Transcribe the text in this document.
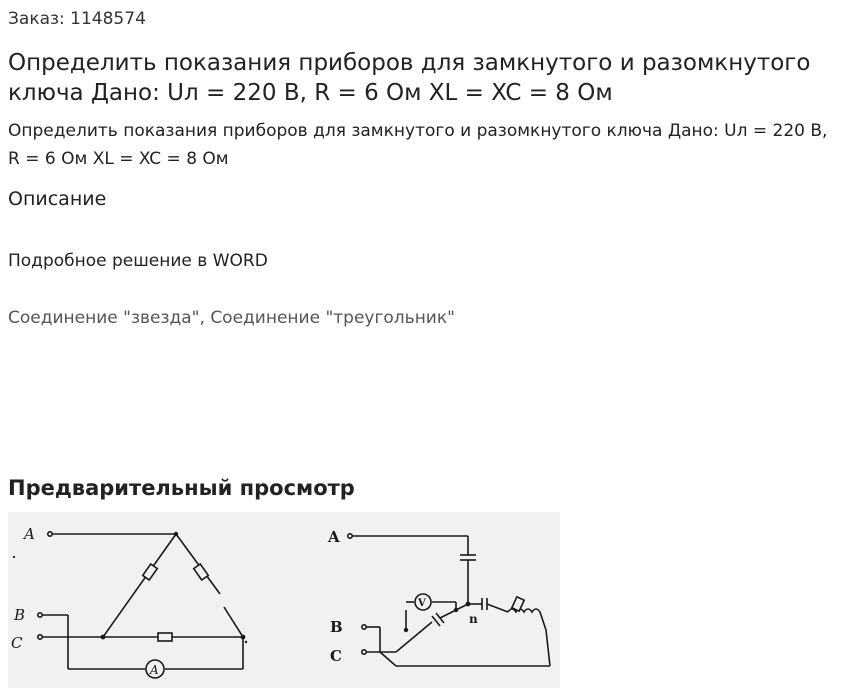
Заказ: 1148574
Определить показания приборов для замкнутого и разомкнутого ключа Дано: Uл = 220 В, R = 6 Ом XL = XC = 8 Ом

Определить показания приборов для замкнутого и разомкнутого ключа Дано: Uл = 220 В, R = 6 Ом XL = XC = 8 Ом

Описание
Подробное решение в WORD
Соединение "звезда", Соединение "треугольник"
Предварительный просмотр
A
B
C
A
A
B
C
V
n
